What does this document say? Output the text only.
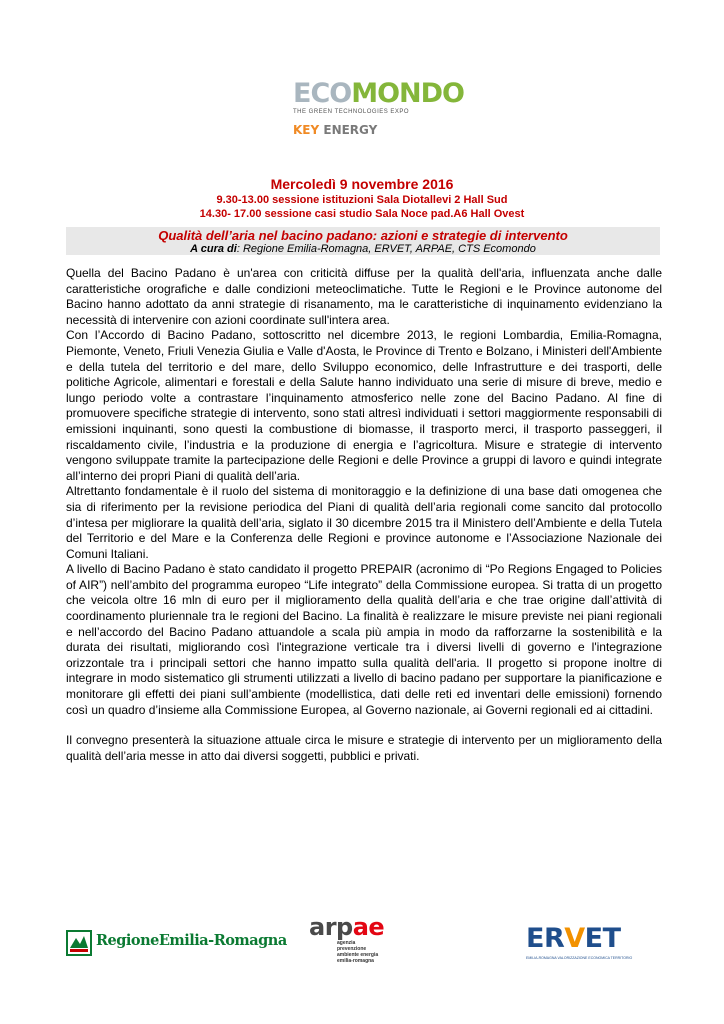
ECOMONDO
THE GREEN TECHNOLOGIES EXPO
KEY ENERGY
Mercoledì 9 novembre 2016
9.30-13.00 sessione istituzioni Sala Diotallevi 2 Hall Sud
14.30- 17.00 sessione casi studio Sala Noce pad.A6 Hall Ovest
Qualità dell’aria nel bacino padano: azioni e strategie di intervento
A cura di: Regione Emilia-Romagna, ERVET, ARPAE, CTS Ecomondo

Quella del Bacino Padano è un'area con criticità diffuse per la qualità dell'aria, influenzata anche dalle caratteristiche orografiche e dalle condizioni meteoclimatiche. Tutte le Regioni e le Province autonome del Bacino hanno adottato da anni strategie di risanamento, ma le caratteristiche di inquinamento evidenziano la necessità di intervenire con azioni coordinate sull'intera area.

Con l’Accordo di Bacino Padano, sottoscritto nel dicembre 2013, le regioni Lombardia, Emilia-Romagna, Piemonte, Veneto, Friuli Venezia Giulia e Valle d'Aosta, le Province di Trento e Bolzano, i Ministeri dell'Ambiente e della tutela del territorio e del mare, dello Sviluppo economico, delle Infrastrutture e dei trasporti, delle politiche Agricole, alimentari e forestali e della Salute hanno individuato una serie di misure di breve, medio e lungo periodo volte a contrastare l’inquinamento atmosferico nelle zone del Bacino Padano. Al fine di promuovere specifiche strategie di intervento, sono stati altresì individuati i settori maggiormente responsabili di emissioni inquinanti, sono questi la combustione di biomasse, il trasporto merci, il trasporto passeggeri, il riscaldamento civile, l’industria e la produzione di energia e l’agricoltura. Misure e strategie di intervento vengono sviluppate tramite la partecipazione delle Regioni e delle Province a gruppi di lavoro e quindi integrate all’interno dei propri Piani di qualità dell’aria.

Altrettanto fondamentale è il ruolo del sistema di monitoraggio e la definizione di una base dati omogenea che sia di riferimento per la revisione periodica del Piani di qualità dell’aria regionali come sancito dal protocollo d’intesa per migliorare la qualità dell’aria, siglato il 30 dicembre 2015 tra il Ministero dell’Ambiente e della Tutela del Territorio e del Mare e la Conferenza delle Regioni e province autonome e l’Associazione Nazionale dei Comuni Italiani.

A livello di Bacino Padano è stato candidato il progetto PREPAIR (acronimo di “Po Regions Engaged to Policies of AIR”) nell’ambito del programma europeo “Life integrato” della Commissione europea. Si tratta di un progetto che veicola oltre 16 mln di euro per il miglioramento della qualità dell’aria e che trae origine dall’attività di coordinamento pluriennale tra le regioni del Bacino. La finalità è realizzare le misure previste nei piani regionali e nell’accordo del Bacino Padano attuandole a scala più ampia in modo da rafforzarne la sostenibilità e la durata dei risultati, migliorando così l'integrazione verticale tra i diversi livelli di governo e l'integrazione orizzontale tra i principali settori che hanno impatto sulla qualità dell'aria. Il progetto si propone inoltre di integrare in modo sistematico gli strumenti utilizzati a livello di bacino padano per supportare la pianificazione e monitorare gli effetti dei piani sull’ambiente (modellistica, dati delle reti ed inventari delle emissioni) fornendo così un quadro d’insieme alla Commissione Europea, al Governo nazionale, ai Governi regionali ed ai cittadini.

Il convegno presenterà la situazione attuale circa le misure e strategie di intervento per un miglioramento della qualità dell’aria messe in atto dai diversi soggetti, pubblici e privati.

RegioneEmilia-Romagna arpae
agenzia
prevenzione
ambiente energia
emilia-romagna
ERVET
EMILIA-ROMAGNA VALORIZZAZIONE ECONOMICA TERRITORIO
